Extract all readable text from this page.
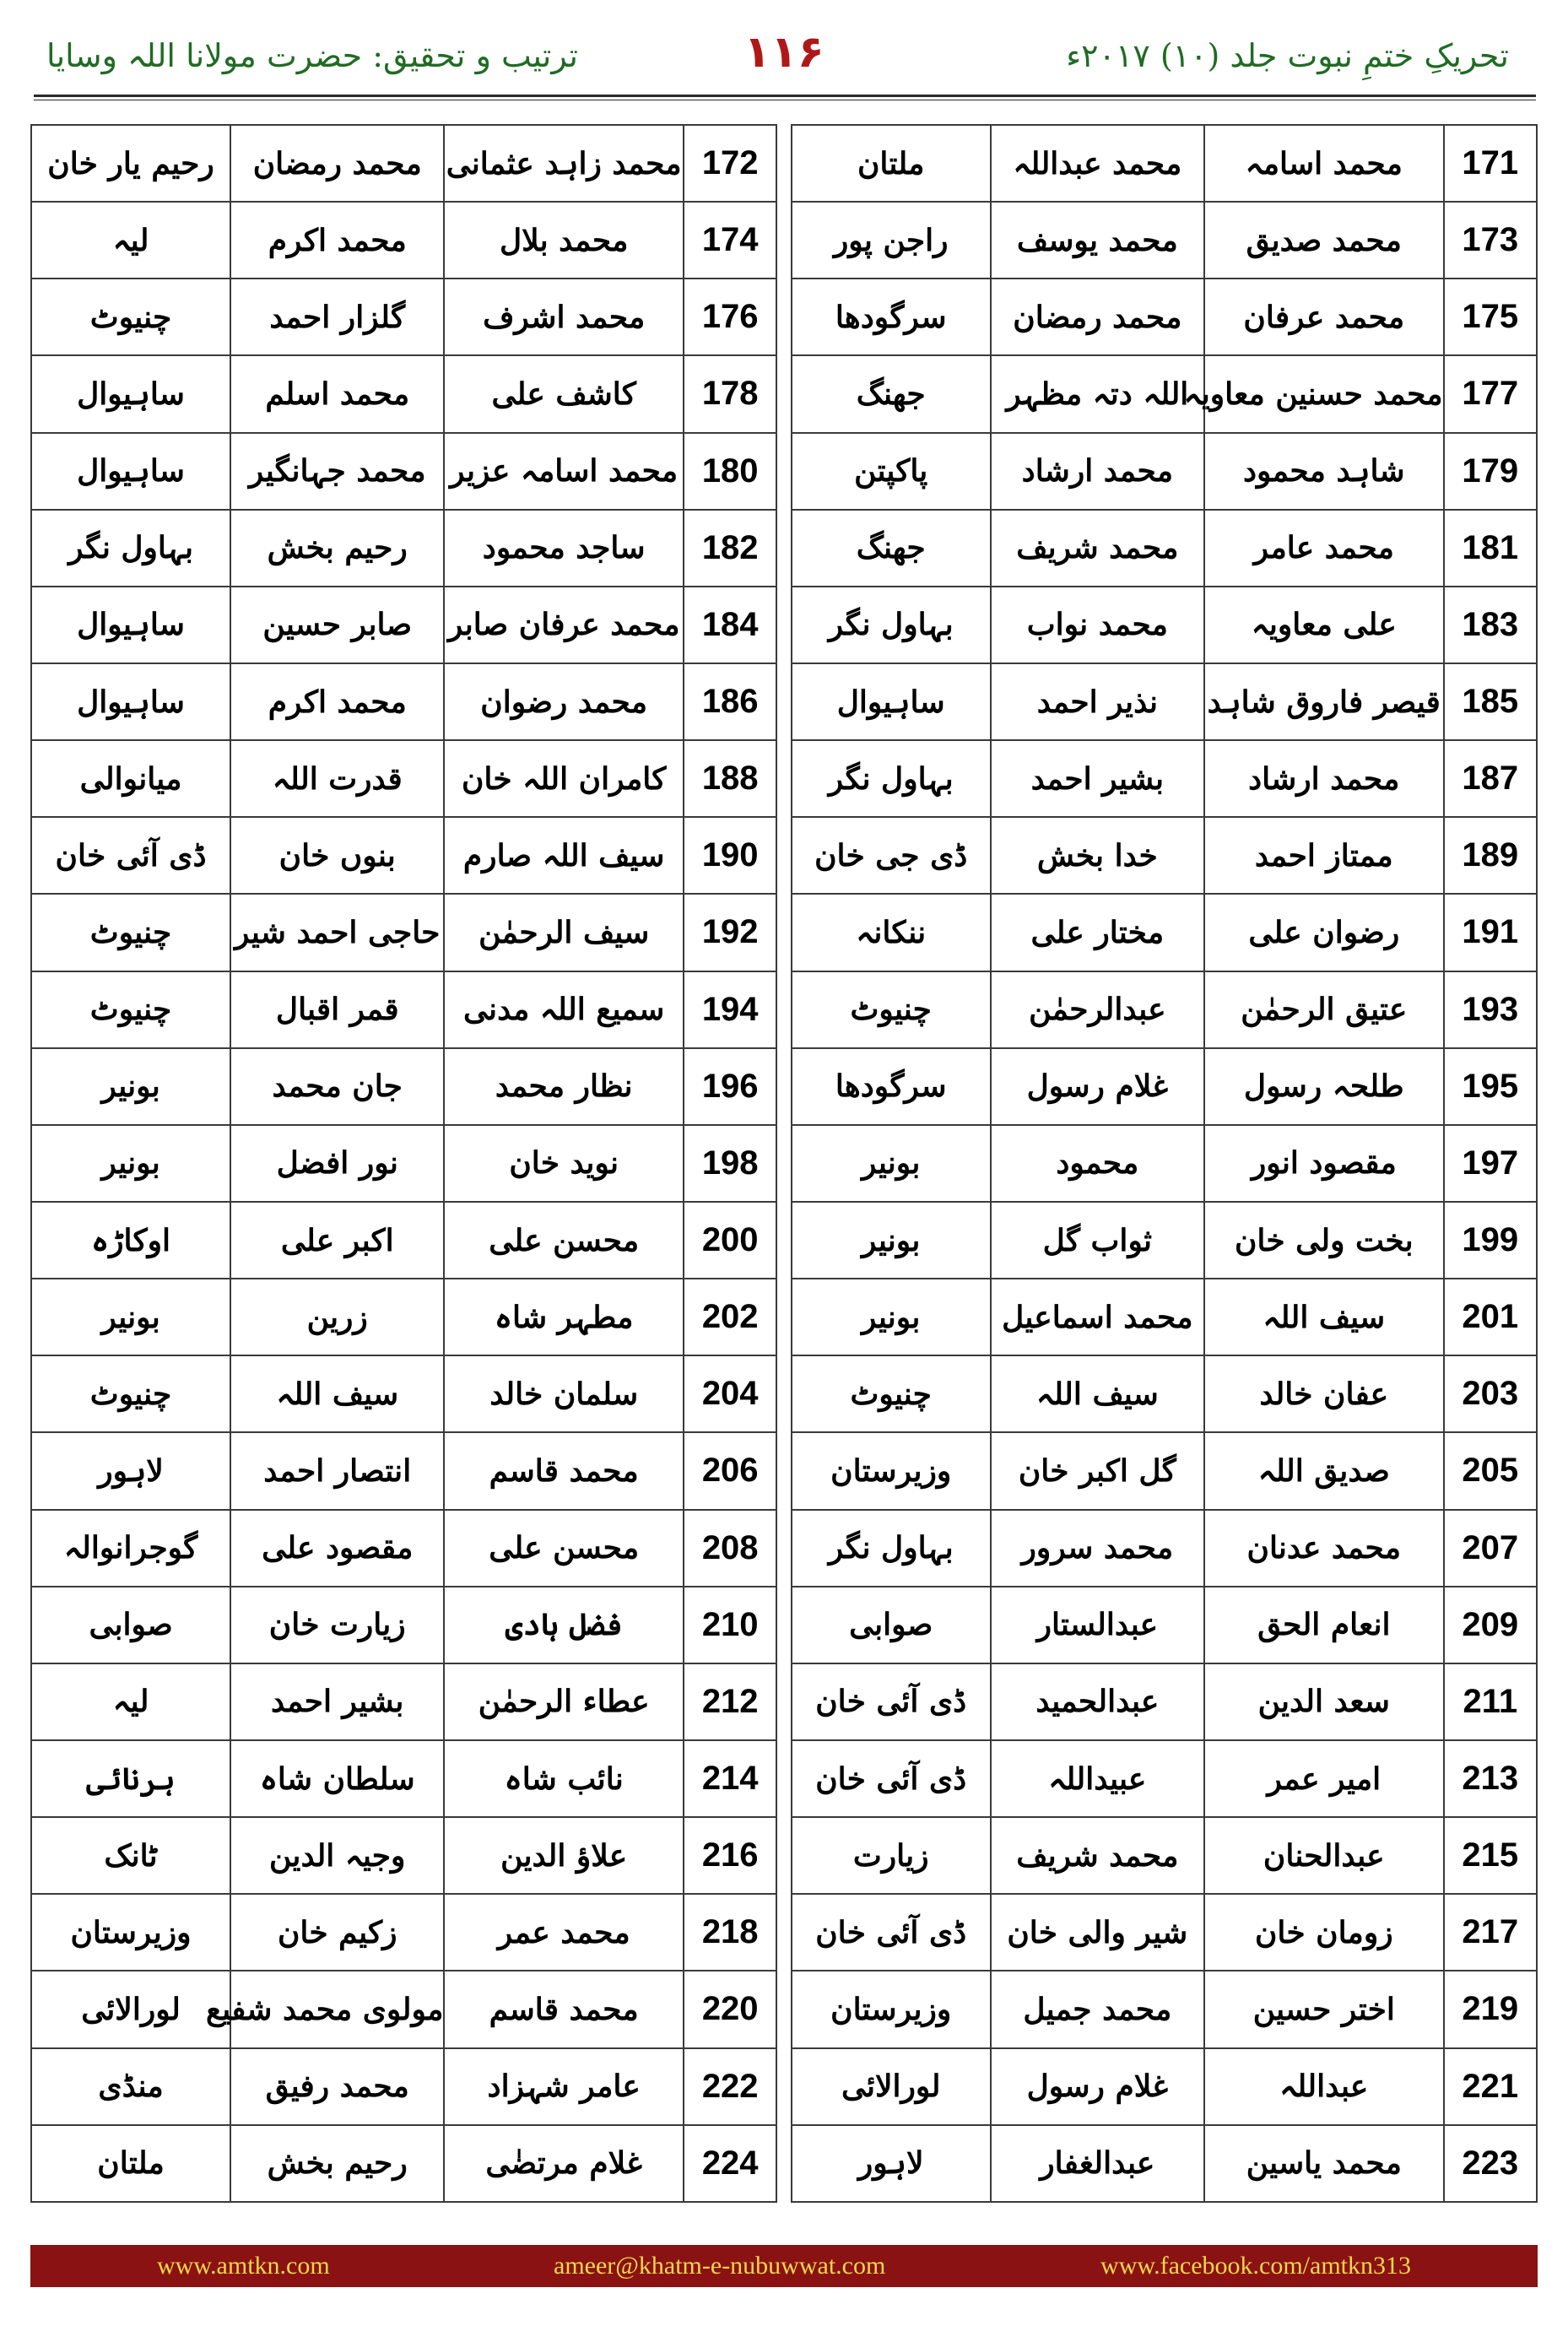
تحریکِ ختمِ نبوت جلد (۱۰) ۲۰۱۷ء
۱۱۶
ترتیب و تحقیق: حضرت مولانا اللہ وسایا
171	محمد اسامہ	محمد عبداللہ	ملتان		172	محمد زاہد عثمانی	محمد رمضان	رحیم یار خان
173	محمد صدیق	محمد یوسف	راجن پور		174	محمد بلال	محمد اکرم	لیہ
175	محمد عرفان	محمد رمضان	سرگودھا		176	محمد اشرف	گلزار احمد	چنیوٹ
177	محمد حسنین معاویہ	اللہ دتہ مظہر	جھنگ		178	کاشف علی	محمد اسلم	ساہیوال
179	شاہد محمود	محمد ارشاد	پاکپتن		180	محمد اسامہ عزیر	محمد جہانگیر	ساہیوال
181	محمد عامر	محمد شریف	جھنگ		182	ساجد محمود	رحیم بخش	بہاول نگر
183	علی معاویہ	محمد نواب	بہاول نگر		184	محمد عرفان صابر	صابر حسین	ساہیوال
185	قیصر فاروق شاہد	نذیر احمد	ساہیوال		186	محمد رضوان	محمد اکرم	ساہیوال
187	محمد ارشاد	بشیر احمد	بہاول نگر		188	کامران اللہ خان	قدرت اللہ	میانوالی
189	ممتاز احمد	خدا بخش	ڈی جی خان		190	سیف اللہ صارم	بنوں خان	ڈی آئی خان
191	رضوان علی	مختار علی	ننکانہ		192	سیف الرحمٰن	حاجی احمد شیر	چنیوٹ
193	عتیق الرحمٰن	عبدالرحمٰن	چنیوٹ		194	سمیع اللہ مدنی	قمر اقبال	چنیوٹ
195	طلحہ رسول	غلام رسول	سرگودھا		196	نظار محمد	جان محمد	بونیر
197	مقصود انور	محمود	بونیر		198	نوید خان	نور افضل	بونیر
199	بخت ولی خان	ثواب گل	بونیر		200	محسن علی	اکبر علی	اوکاڑہ
201	سیف اللہ	محمد اسماعیل	بونیر		202	مطہر شاہ	زرین	بونیر
203	عفان خالد	سیف اللہ	چنیوٹ		204	سلمان خالد	سیف اللہ	چنیوٹ
205	صدیق اللہ	گل اکبر خان	وزیرستان		206	محمد قاسم	انتصار احمد	لاہور
207	محمد عدنان	محمد سرور	بہاول نگر		208	محسن علی	مقصود علی	گوجرانوالہ
209	انعام الحق	عبدالستار	صوابی		210	فضل ہادی	زیارت خان	صوابی
211	سعد الدین	عبدالحمید	ڈی آئی خان		212	عطاء الرحمٰن	بشیر احمد	لیہ
213	امیر عمر	عبیداللہ	ڈی آئی خان		214	نائب شاہ	سلطان شاہ	ہرنائی
215	عبدالحنان	محمد شریف	زیارت		216	علاؤ الدین	وجیہ الدین	ٹانک
217	زومان خان	شیر والی خان	ڈی آئی خان		218	محمد عمر	زکیم خان	وزیرستان
219	اختر حسین	محمد جمیل	وزیرستان		220	محمد قاسم	مولوی محمد شفیع	لورالائی
221	عبداللہ	غلام رسول	لورالائی		222	عامر شہزاد	محمد رفیق	منڈی
223	محمد یاسین	عبدالغفار	لاہور		224	غلام مرتضٰی	رحیم بخش	ملتان
www.amtkn.com	ameer@khatm-e-nubuwwat.com	www.facebook.com/amtkn313
